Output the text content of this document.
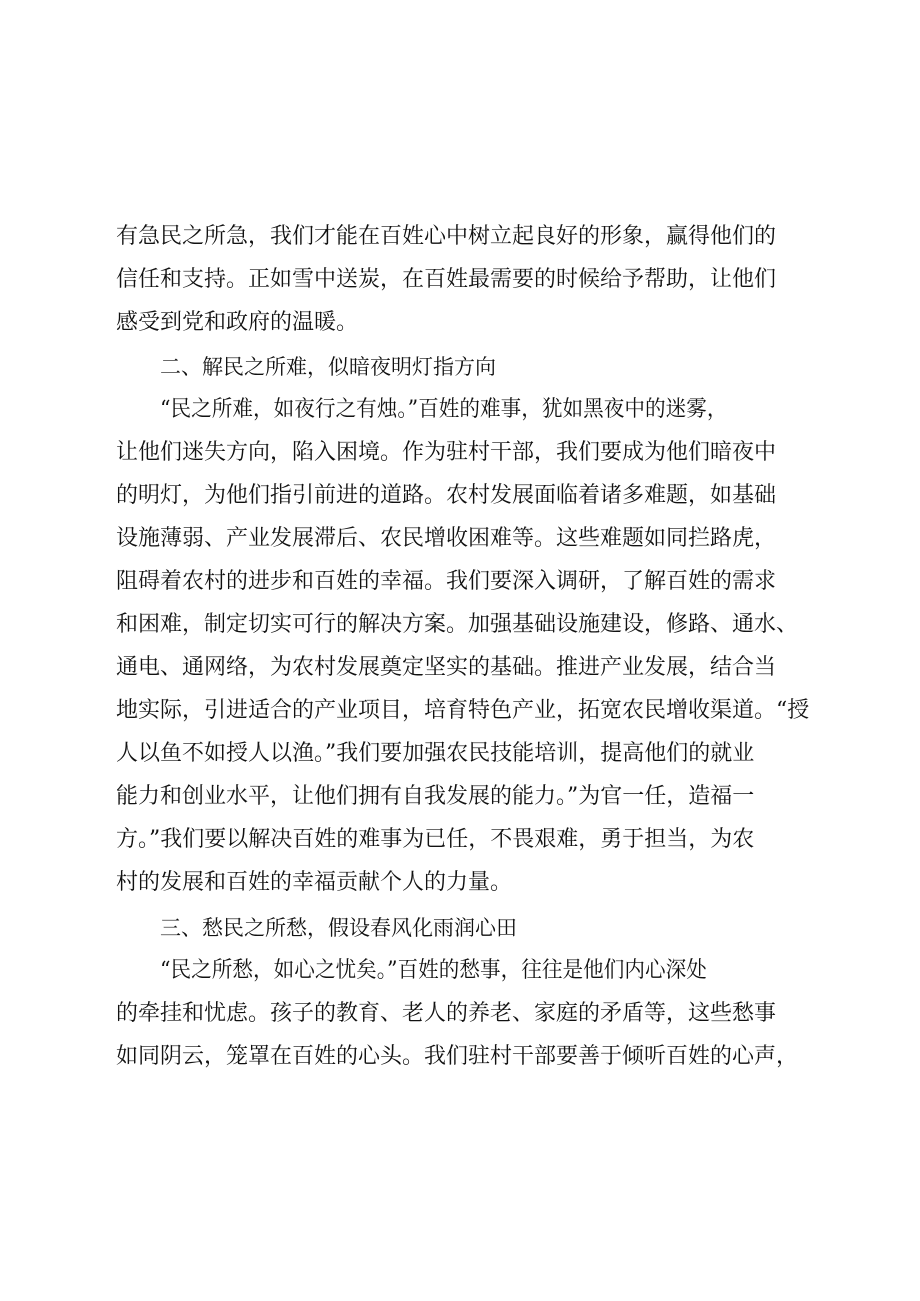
有急民之所急，我们才能在百姓心中树立起良好的形象，赢得他们的
信任和支持。正如雪中送炭，在百姓最需要的时候给予帮助，让他们
感受到党和政府的温暖。
二、解民之所难，似暗夜明灯指方向
“民之所难，如夜行之有烛。”百姓的难事，犹如黑夜中的迷雾，
让他们迷失方向，陷入困境。作为驻村干部，我们要成为他们暗夜中
的明灯，为他们指引前进的道路。农村发展面临着诸多难题，如基础
设施薄弱、产业发展滞后、农民增收困难等。这些难题如同拦路虎，
阻碍着农村的进步和百姓的幸福。我们要深入调研，了解百姓的需求
和困难，制定切实可行的解决方案。加强基础设施建设，修路、通水、
通电、通网络，为农村发展奠定坚实的基础。推进产业发展，结合当
地实际，引进适合的产业项目，培育特色产业，拓宽农民增收渠道。“授
人以鱼不如授人以渔。”我们要加强农民技能培训，提高他们的就业
能力和创业水平，让他们拥有自我发展的能力。”为官一任，造福一
方。”我们要以解决百姓的难事为已任，不畏艰难，勇于担当，为农
村的发展和百姓的幸福贡献个人的力量。
三、愁民之所愁，假设春风化雨润心田
“民之所愁，如心之忧矣。”百姓的愁事，往往是他们内心深处
的牵挂和忧虑。孩子的教育、老人的养老、家庭的矛盾等，这些愁事
如同阴云，笼罩在百姓的心头。我们驻村干部要善于倾听百姓的心声，
